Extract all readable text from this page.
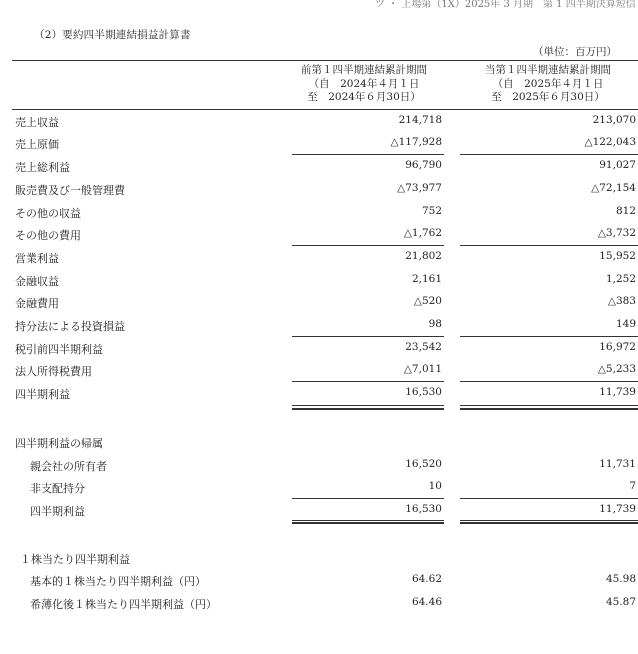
ツ ・ 上場第（1X）2025年 3 月期　第 1 四半期決算短信
（2）要約四半期連結損益計算書
（単位：百万円）
前第１四半期連結累計期間
（自　2024年４月１日
至　2024年６月30日）
当第１四半期連結累計期間
（自　2025年４月１日
至　2025年６月30日）
売上収益	214,718	213,070
売上原価	△117,928	△122,043
売上総利益	96,790	91,027
販売費及び一般管理費	△73,977	△72,154
その他の収益	752	812
その他の費用	△1,762	△3,732
営業利益	21,802	15,952
金融収益	2,161	1,252
金融費用	△520	△383
持分法による投資損益	98	149
税引前四半期利益	23,542	16,972
法人所得税費用	△7,011	△5,233
四半期利益	16,530	11,739
四半期利益の帰属
親会社の所有者	16,520	11,731
非支配持分	10	7
四半期利益	16,530	11,739
１株当たり四半期利益
基本的１株当たり四半期利益（円）	64.62	45.98
希薄化後１株当たり四半期利益（円）	64.46	45.87
